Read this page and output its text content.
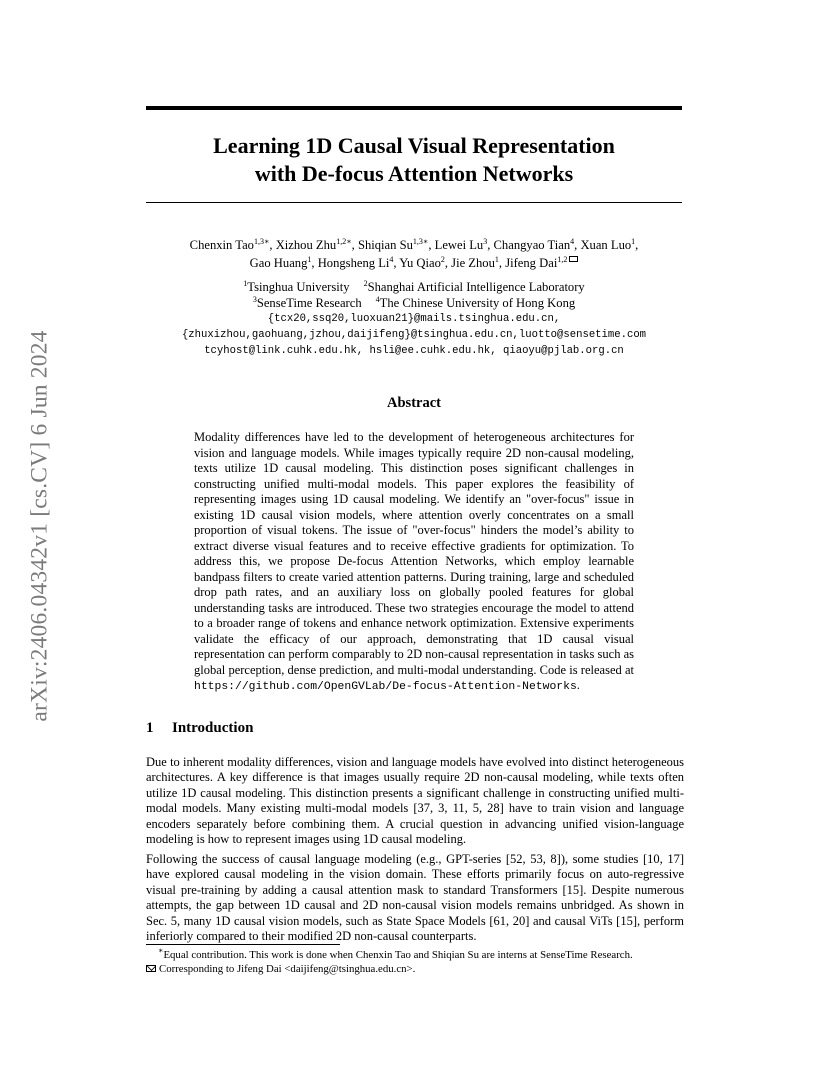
arXiv:2406.04342v1 [cs.CV] 6 Jun 2024
Learning 1D Causal Visual Representation
with De-focus Attention Networks
Chenxin Tao$^{1,3∗}$, Xizhou Zhu$^{1,2∗}$, Shiqian $Su^{1,3∗}$, Lewei Lu$^3$, Changyao Tian$^4$, Xuan Luo$^1$,
Gao Huang$^1$, Hongsheng Li$^4$, Yu Qiao$^2$, Jie Zhou$^1$, Jifeng Dai$^{1,2}$
$^1$Tsinghua University $^2$Shanghai Artificial Intelligence Laboratory
$^3$SenseTime Research $^4$The Chinese University of Hong Kong
{tcx20,ssq20,luoxuan21}@mails.tsinghua.edu.cn,
{zhuxizhou,gaohuang,jzhou,daijifeng}@tsinghua.edu.cn,luotto@sensetime.com
tcyhost@link.cuhk.edu.hk, hsli@ee.cuhk.edu.hk, qiaoyu@pjlab.org.cn
Abstract
Modality differences have led to the development of heterogeneous architectures for vision and language models. While images typically require 2D non-causal modeling, texts utilize 1D causal modeling. This distinction poses significant challenges in constructing unified multi-modal models. This paper explores the feasibility of representing images using 1D causal modeling. We identify an "over-focus" issue in existing 1D causal vision models, where attention overly concentrates on a small proportion of visual tokens. The issue of "over-focus" hinders the model’s ability to extract diverse visual features and to receive effective gradients for optimization. To address this, we propose De-focus Attention Networks, which employ learnable bandpass filters to create varied attention patterns. During training, large and scheduled drop path rates, and an auxiliary loss on globally pooled features for global understanding tasks are introduced. These two strategies encourage the model to attend to a broader range of tokens and enhance network optimization. Extensive experiments validate the efficacy of our approach, demonstrating that 1D causal visual representation can perform comparably to 2D non-causal representation in tasks such as global perception, dense prediction, and multi-modal understanding. Code is released at https://github.com/OpenGVLab/De-focus-Attention-Networks.
1 Introduction
Due to inherent modality differences, vision and language models have evolved into distinct heterogeneous architectures. A key difference is that images usually require 2D non-causal modeling, while texts often utilize 1D causal modeling. This distinction presents a significant challenge in constructing unified multi-modal models. Many existing multi-modal models [37, 3, 11, 5, 28] have to train vision and language encoders separately before combining them. A crucial question in advancing unified vision-language modeling is how to represent images using 1D causal modeling.
Following the success of causal language modeling (e.g., GPT-series [52, 53, 8]), some studies [10, 17] have explored causal modeling in the vision domain. These efforts primarily focus on auto-regressive visual pre-training by adding a causal attention mask to standard Transformers [15]. Despite numerous attempts, the gap between 1D causal and 2D non-causal vision models remains unbridged. As shown in Sec. 5, many 1D causal vision models, such as State Space Models [61, 20] and causal ViTs [15], perform inferiorly compared to their modified 2D non-causal counterparts.
∗Equal contribution. This work is done when Chenxin Tao and Shiqian Su are interns at SenseTime Research.
Corresponding to Jifeng Dai <daijifeng@tsinghua.edu.cn>.
